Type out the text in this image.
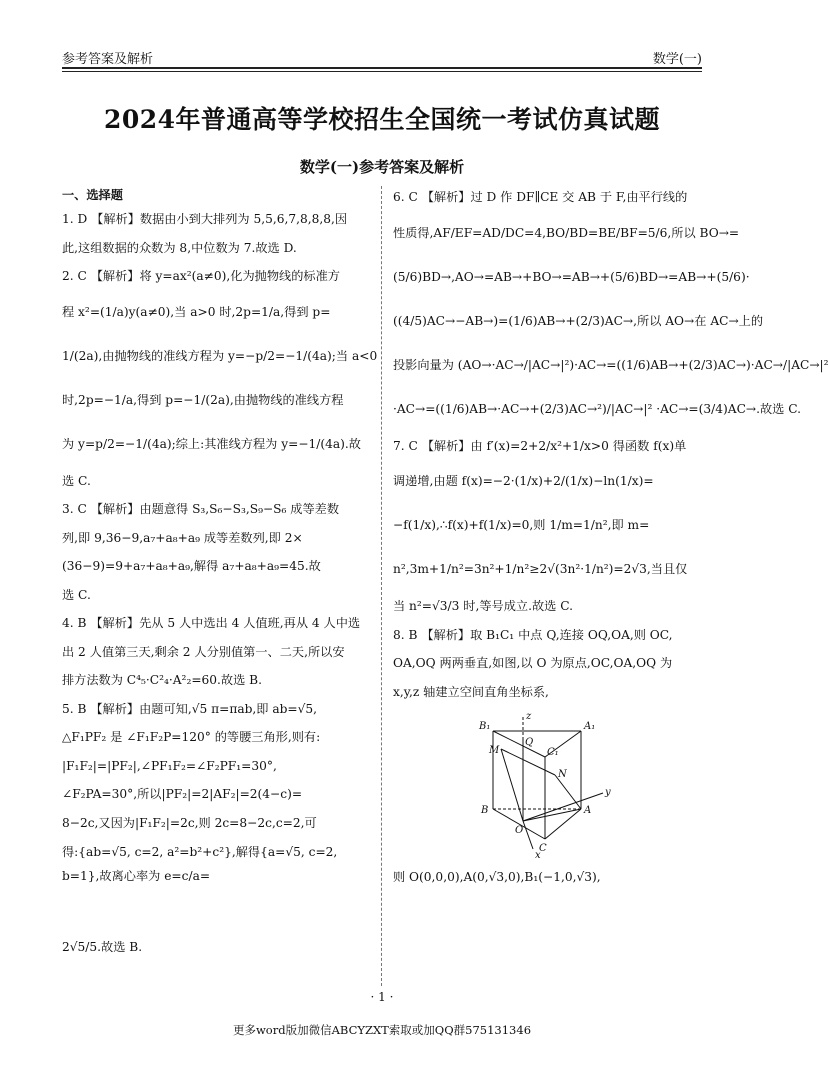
参考答案及解析	数学(一)
2024年普通高等学校招生全国统一考试仿真试题
数学(一)参考答案及解析
一、选择题
1. D 【解析】数据由小到大排列为 5,5,6,7,8,8,8,因
此,这组数据的众数为 8,中位数为 7.故选 D.
2. C 【解析】将 y=ax²(a≠0),化为抛物线的标准方
程 x²=(1/a)y(a≠0),当 a>0 时,2p=1/a,得到 p=
1/(2a),由抛物线的准线方程为 y=−p/2=−1/(4a);当 a<0
时,2p=−1/a,得到 p=−1/(2a),由抛物线的准线方程
为 y=p/2=−1/(4a);综上:其准线方程为 y=−1/(4a).故
选 C.
3. C 【解析】由题意得 S₃,S₆−S₃,S₉−S₆ 成等差数
列,即 9,36−9,a₇+a₈+a₉ 成等差数列,即 2×
(36−9)=9+a₇+a₈+a₉,解得 a₇+a₈+a₉=45.故
选 C.
4. B 【解析】先从 5 人中选出 4 人值班,再从 4 人中选
出 2 人值第三天,剩余 2 人分别值第一、二天,所以安
排方法数为 C⁴₅·C²₄·A²₂=60.故选 B.
5. B 【解析】由题可知,√5 π=πab,即 ab=√5,
△F₁PF₂ 是 ∠F₁F₂P=120° 的等腰三角形,则有:
|F₁F₂|=|PF₂|,∠PF₁F₂=∠F₂PF₁=30°,
∠F₂PA=30°,所以|PF₂|=2|AF₂|=2(4−c)=
8−2c,又因为|F₁F₂|=2c,则 2c=8−2c,c=2,可
得:{ab=√5, c=2, a²=b²+c²},解得{a=√5, c=2, b=1},故离心率为 e=c/a=
2√5/5.故选 B.
6. C 【解析】过 D 作 DF∥CE 交 AB 于 F,由平行线的
性质得,AF/EF=AD/DC=4,BO/BD=BE/BF=5/6,所以 BO→=
(5/6)BD→,AO→=AB→+BO→=AB→+(5/6)BD→=AB→+(5/6)·
((4/5)AC→−AB→)=(1/6)AB→+(2/3)AC→,所以 AO→在 AC→上的
投影向量为 (AO→·AC→/|AC→|²)·AC→=((1/6)AB→+(2/3)AC→)·AC→/|AC→|²
·AC→=((1/6)AB→·AC→+(2/3)AC→²)/|AC→|² ·AC→=(3/4)AC→.故选 C.
7. C 【解析】由 f′(x)=2+2/x²+1/x>0 得函数 f(x)单
调递增,由题 f(x)=−2·(1/x)+2/(1/x)−ln(1/x)=
−f(1/x),∴f(x)+f(1/x)=0,则 1/m=1/n²,即 m=
n²,3m+1/n²=3n²+1/n²≥2√(3n²·1/n²)=2√3,当且仅
当 n²=√3/3 时,等号成立.故选 C.
8. B 【解析】取 B₁C₁ 中点 Q,连接 OQ,OA,则 OC,
OA,OQ 两两垂直,如图,以 O 为原点,OC,OA,OQ 为
x,y,z 轴建立空间直角坐标系,
B₁
z
A₁
M
Q
C₁
N
y
B
O
A
C
x
则 O(0,0,0),A(0,√3,0),B₁(−1,0,√3),
· 1 ·
更多word版加微信ABCYZXT索取或加QQ群575131346
